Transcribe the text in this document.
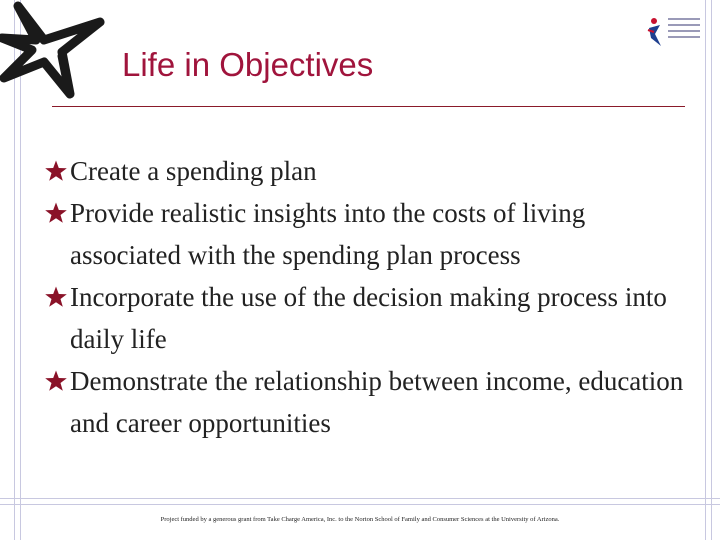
Life in Objectives
Create a spending plan
Provide realistic insights into the costs of living associated with the spending plan process
Incorporate the use of the decision making process into daily life
Demonstrate the relationship between income, education and career opportunities
Project funded by a generous grant from Take Charge America, Inc. to the Norton School of Family and Consumer Sciences at the University of Arizona.
